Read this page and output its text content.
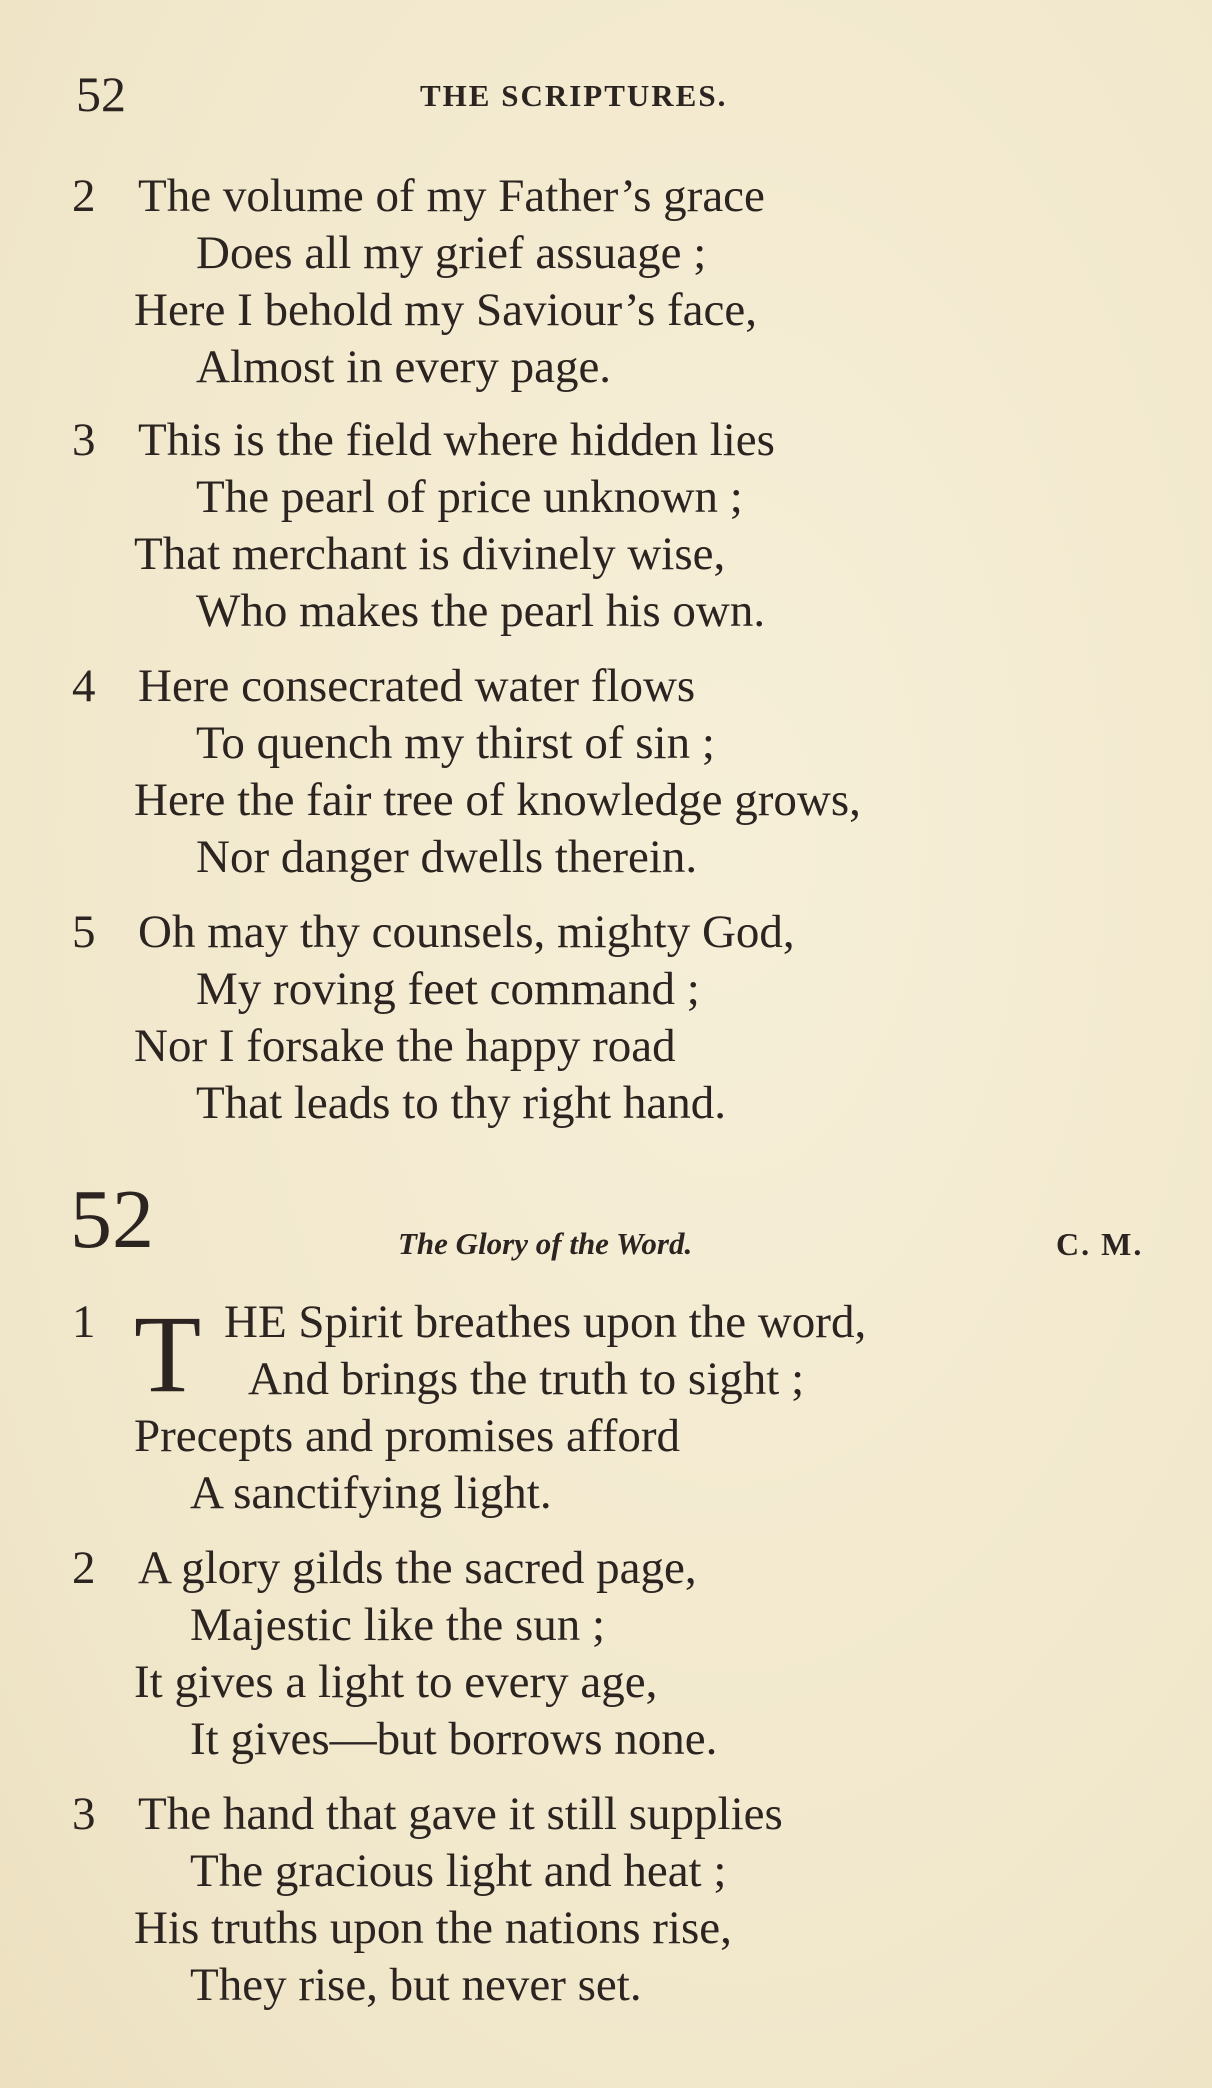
52	THE SCRIPTURES.
2 The volume of my Father’s grace
Does all my grief assuage ;
Here I behold my Saviour’s face,
Almost in every page.
3 This is the field where hidden lies
The pearl of price unknown ;
That merchant is divinely wise,
Who makes the pearl his own.
4 Here consecrated water flows
To quench my thirst of sin ;
Here the fair tree of knowledge grows,
Nor danger dwells therein.
5 Oh may thy counsels, mighty God,
My roving feet command ;
Nor I forsake the happy road
That leads to thy right hand.
52	The Glory of the Word.	C. M.
T
1	HE Spirit breathes upon the word,
And brings the truth to sight ;
Precepts and promises afford
A sanctifying light.
2 A glory gilds the sacred page,
Majestic like the sun ;
It gives a light to every age,
It gives—but borrows none.
3 The hand that gave it still supplies
The gracious light and heat ;
His truths upon the nations rise,
They rise, but never set.
